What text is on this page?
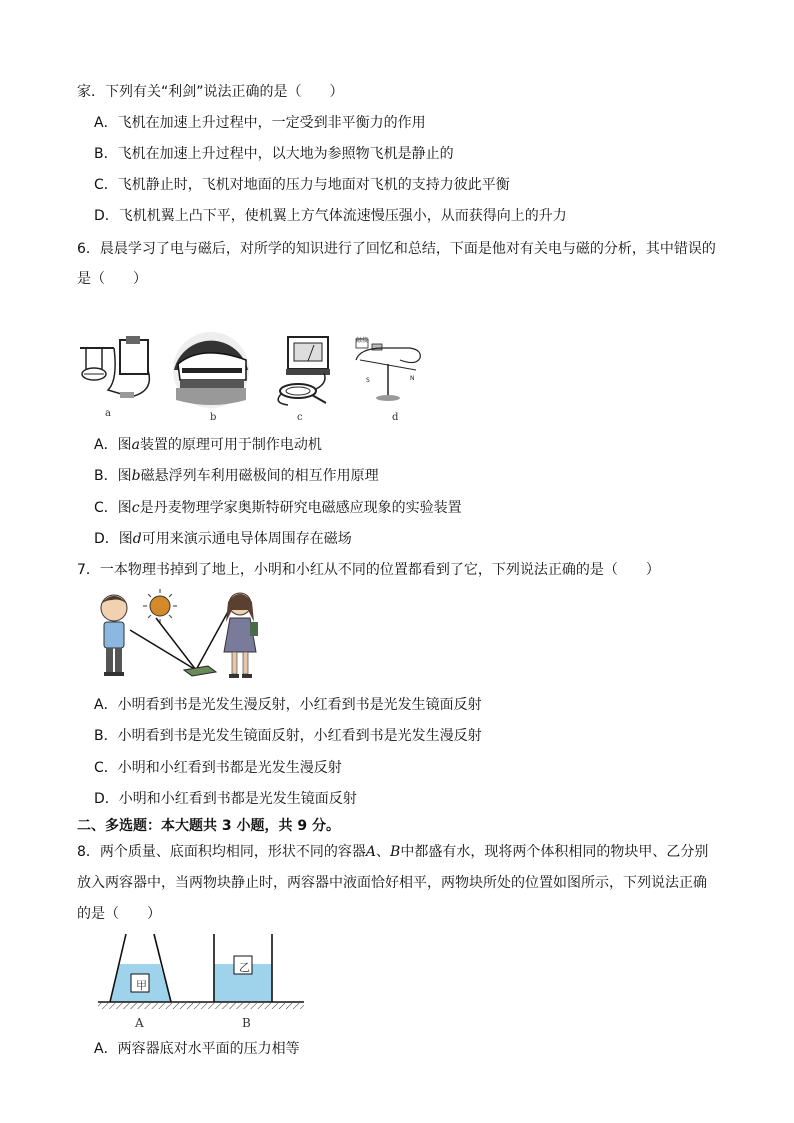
家．下列有关“利剑”说法正确的是（　　）
A．飞机在加速上升过程中，一定受到非平衡力的作用
B．飞机在加速上升过程中，以大地为参照物飞机是静止的
C．飞机静止时，飞机对地面的压力与地面对飞机的支持力彼此平衡
D．飞机机翼上凸下平，使机翼上方气体流速慢压强小，从而获得向上的升力
6．晨晨学习了电与磁后，对所学的知识进行了回忆和总结，下面是他对有关电与磁的分析，其中错误的
是（　　）
a	b	c
S	N
触接
d
A．图a装置的原理可用于制作电动机
B．图b磁悬浮列车利用磁极间的相互作用原理
C．图c是丹麦物理学家奥斯特研究电磁感应现象的实验装置
D．图d可用来演示通电导体周围存在磁场
7．一本物理书掉到了地上，小明和小红从不同的位置都看到了它，下列说法正确的是（　　）
A．小明看到书是光发生漫反射，小红看到书是光发生镜面反射
B．小明看到书是光发生镜面反射，小红看到书是光发生漫反射
C．小明和小红看到书都是光发生漫反射
D．小明和小红看到书都是光发生镜面反射
二、多选题：本大题共 3 小题，共 9 分。
8．两个质量、底面积均相同，形状不同的容器A、B中都盛有水，现将两个体积相同的物块甲、乙分别
放入两容器中，当两物块静止时，两容器中液面恰好相平，两物块所处的位置如图所示，下列说法正确
的是（　　）
甲
乙
A	B
A．两容器底对水平面的压力相等
